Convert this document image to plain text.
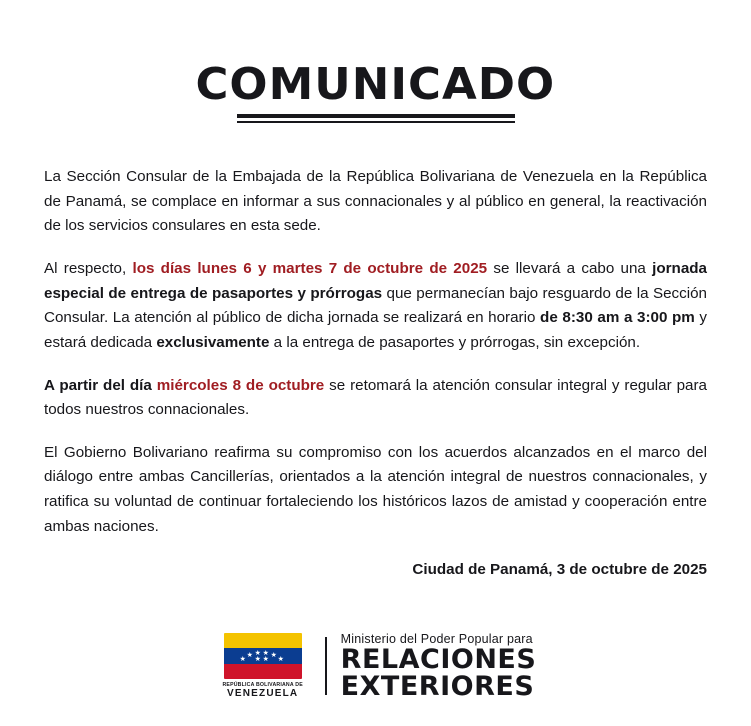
COMUNICADO

La Sección Consular de la Embajada de la República Bolivariana de Venezuela en la República de Panamá, se complace en informar a sus connacionales y al público en general, la reactivación de los servicios consulares en esta sede.

Al respecto, los días lunes 6 y martes 7 de octubre de 2025 se llevará a cabo una jornada especial de entrega de pasaportes y prórrogas que permanecían bajo resguardo de la Sección Consular. La atención al público de dicha jornada se realizará en horario de 8:30 am a 3:00 pm y estará dedicada exclusivamente a la entrega de pasaportes y prórrogas, sin excepción.

A partir del día miércoles 8 de octubre se retomará la atención consular integral y regular para todos nuestros connacionales.

El Gobierno Bolivariano reafirma su compromiso con los acuerdos alcanzados en el marco del diálogo entre ambas Cancillerías, orientados a la atención integral de nuestros connacionales, y ratifica su voluntad de continuar fortaleciendo los históricos lazos de amistad y cooperación entre ambas naciones.

Ciudad de Panamá, 3 de octubre de 2025
★
★ ★ ★ ★
★
★ ★
REPÚBLICA BOLIVARIANA DE
VENEZUELA
Ministerio del Poder Popular para
RELACIONES
EXTERIORES
